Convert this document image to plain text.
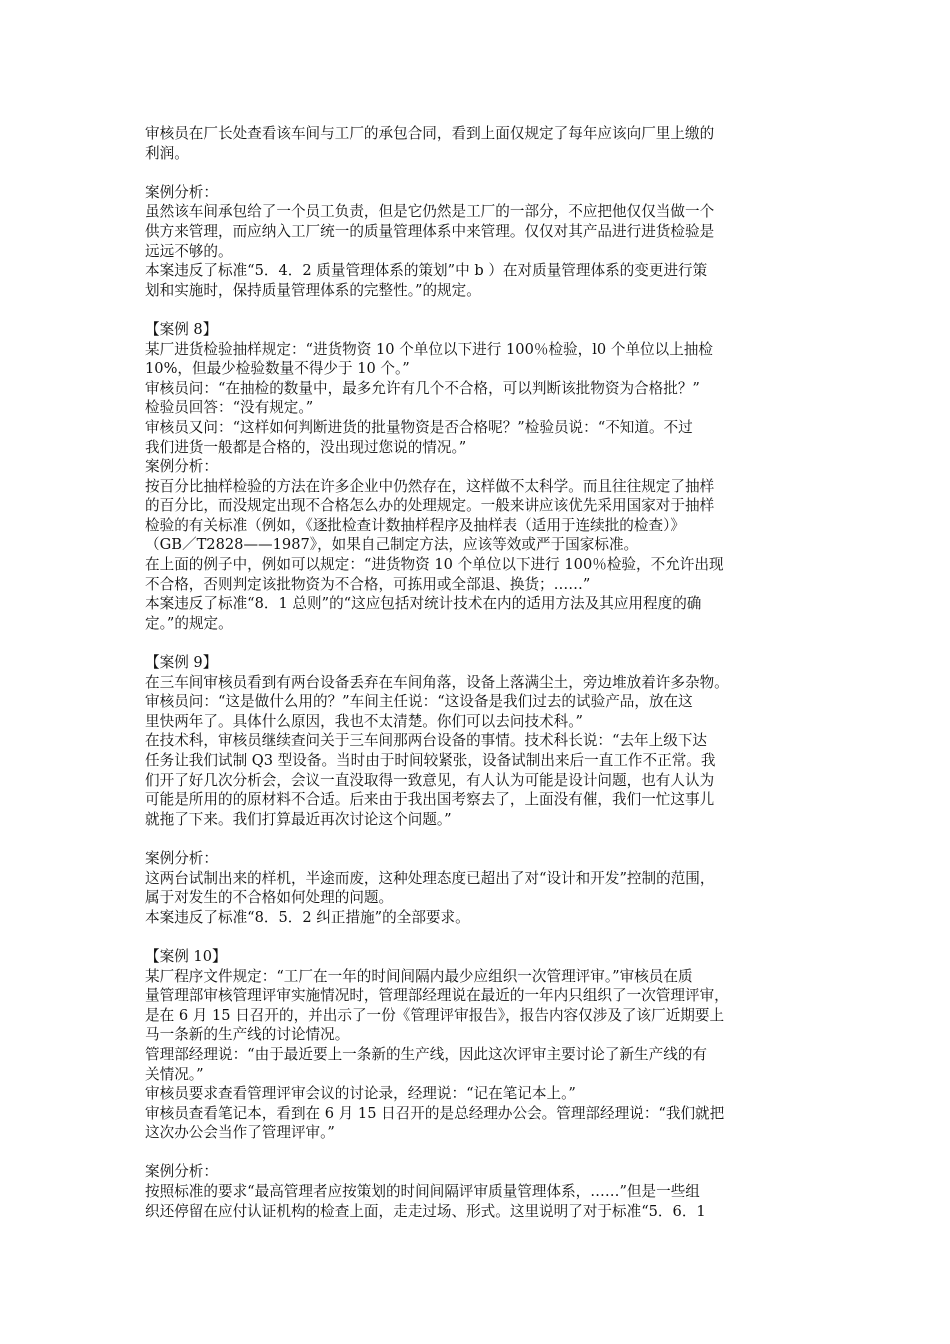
审核员在厂长处查看该车间与工厂的承包合同，看到上面仅规定了每年应该向厂里上缴的
利润。
案例分析：
虽然该车间承包给了一个员工负责，但是它仍然是工厂的一部分，不应把他仅仅当做一个
供方来管理，而应纳入工厂统一的质量管理体系中来管理。仅仅对其产品进行进货检验是
远远不够的。
本案违反了标准“5．4．2 质量管理体系的策划”中 b ）在对质量管理体系的变更进行策
划和实施时，保持质量管理体系的完整性。”的规定。
【案例 8】
某厂进货检验抽样规定：“进货物资 10 个单位以下进行 100％检验，l0 个单位以上抽检
10%，但最少检验数量不得少于 10 个。”
审核员问：“在抽检的数量中，最多允许有几个不合格，可以判断该批物资为合格批？”
检验员回答：“没有规定。”
审核员又问：“这样如何判断进货的批量物资是否合格呢？”检验员说：“不知道。不过
我们进货一般都是合格的，没出现过您说的情况。”
案例分析：
按百分比抽样检验的方法在许多企业中仍然存在，这样做不太科学。而且往往规定了抽样
的百分比，而没规定出现不合格怎么办的处理规定。一般来讲应该优先采用国家对于抽样
检验的有关标准（例如，《逐批检查计数抽样程序及抽样表（适用于连续批的检查）》
（GB／T2828——1987》，如果自己制定方法，应该等效或严于国家标准。
在上面的例子中，例如可以规定：“进货物资 10 个单位以下进行 100％检验，不允许出现
不合格，否则判定该批物资为不合格，可拣用或全部退、换货；……”
本案违反了标准“8．1 总则”的“这应包括对统计技术在内的适用方法及其应用程度的确
定。”的规定。
【案例 9】
在三车间审核员看到有两台设备丢弃在车间角落，设备上落满尘土，旁边堆放着许多杂物。
审核员问：“这是做什么用的？”车间主任说：“这设备是我们过去的试验产品，放在这
里快两年了。具体什么原因，我也不太清楚。你们可以去问技术科。”
在技术科，审核员继续查问关于三车间那两台设备的事情。技术科长说：“去年上级下达
任务让我们试制 Q3 型设备。当时由于时间较紧张，设备试制出来后一直工作不正常。我
们开了好几次分析会，会议一直没取得一致意见，有人认为可能是设计问题，也有人认为
可能是所用的的原材料不合适。后来由于我出国考察去了，上面没有催，我们一忙这事儿
就拖了下来。我们打算最近再次讨论这个问题。”
案例分析：
这两台试制出来的样机，半途而废，这种处理态度已超出了对“设计和开发”控制的范围，
属于对发生的不合格如何处理的问题。
本案违反了标准“8．5．2 纠正措施”的全部要求。
【案例 10】
某厂程序文件规定：“工厂在一年的时间间隔内最少应组织一次管理评审。”审核员在质
量管理部审核管理评审实施情况时，管理部经理说在最近的一年内只组织了一次管理评审，
是在 6 月 15 日召开的，并出示了一份《管理评审报告》，报告内容仅涉及了该厂近期要上
马一条新的生产线的讨论情况。
管理部经理说：“由于最近要上一条新的生产线，因此这次评审主要讨论了新生产线的有
关情况。”
审核员要求查看管理评审会议的讨论录，经理说：“记在笔记本上。”
审核员查看笔记本，看到在 6 月 15 日召开的是总经理办公会。管理部经理说：“我们就把
这次办公会当作了管理评审。”
案例分析：
按照标准的要求“最高管理者应按策划的时间间隔评审质量管理体系，……”但是一些组
织还停留在应付认证机构的检查上面，走走过场、形式。这里说明了对于标准“5．6．1
